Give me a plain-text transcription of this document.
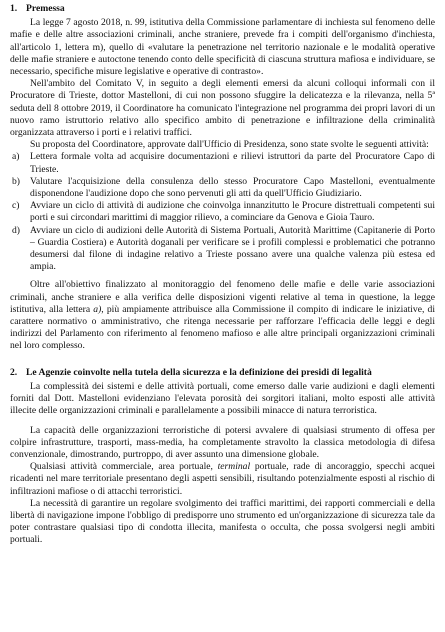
1. Premessa

La legge 7 agosto 2018, n. 99, istitutiva della Commissione parlamentare di inchiesta sul fenomeno delle mafie e delle altre associazioni criminali, anche straniere, prevede fra i compiti dell'organismo d'inchiesta, all'articolo 1, lettera m), quello di «valutare la penetrazione nel territorio nazionale e le modalità operative delle mafie straniere e autoctone tenendo conto delle specificità di ciascuna struttura mafiosa e individuare, se necessario, specifiche misure legislative e operative di contrasto».

Nell'ambito del Comitato V, in seguito a degli elementi emersi da alcuni colloqui informali con il Procuratore di Trieste, dottor Mastelloni, di cui non possono sfuggire la delicatezza e la rilevanza, nella 5ª seduta dell 8 ottobre 2019, il Coordinatore ha comunicato l'integrazione nel programma dei propri lavori di un nuovo ramo istruttorio relativo allo specifico ambito di penetrazione e infiltrazione della criminalità organizzata attraverso i porti e i relativi traffici.

Su proposta del Coordinatore, approvate dall'Ufficio di Presidenza, sono state svolte le seguenti attività:

a)	Lettera formale volta ad acquisire documentazioni e rilievi istruttori da parte del Procuratore Capo di Trieste.
b)	Valutare l'acquisizione della consulenza dello stesso Procuratore Capo Mastelloni, eventualmente disponendone l'audizione dopo che sono pervenuti gli atti da quell'Ufficio Giudiziario.
c)	Avviare un ciclo di attività di audizione che coinvolga innanzitutto le Procure distrettuali competenti sui porti e sui circondari marittimi di maggior rilievo, a cominciare da Genova e Gioia Tauro.
d)	Avviare un ciclo di audizioni delle Autorità di Sistema Portuali, Autorità Marittime (Capitanerie di Porto – Guardia Costiera) e Autorità doganali per verificare se i profili complessi e problematici che potranno desumersi dal filone di indagine relativo a Trieste possano avere una qualche valenza più estesa ed ampia.

Oltre all'obiettivo finalizzato al monitoraggio del fenomeno delle mafie e delle varie associazioni criminali, anche straniere e alla verifica delle disposizioni vigenti relative al tema in questione, la legge istitutiva, alla lettera a), più ampiamente attribuisce alla Commissione il compito di indicare le iniziative, di carattere normativo o amministrativo, che ritenga necessarie per rafforzare l'efficacia delle leggi e degli indirizzi del Parlamento con riferimento al fenomeno mafioso e alle altre principali organizzazioni criminali nel loro complesso.

2. Le Agenzie coinvolte nella tutela della sicurezza e la definizione dei presidi di legalità

La complessità dei sistemi e delle attività portuali, come emerso dalle varie audizioni e dagli elementi forniti dal Dott. Mastelloni evidenziano l'elevata porosità dei sorgitori italiani, molto esposti alle attività illecite delle organizzazioni criminali e parallelamente a possibili minacce di natura terroristica.

La capacità delle organizzazioni terroristiche di potersi avvalere di qualsiasi strumento di offesa per colpire infrastrutture, trasporti, mass-media, ha completamente stravolto la classica metodologia di difesa convenzionale, dimostrando, purtroppo, di aver assunto una dimensione globale.

Qualsiasi attività commerciale, area portuale, terminal portuale, rade di ancoraggio, specchi acquei ricadenti nel mare territoriale presentano degli aspetti sensibili, risultando potenzialmente esposti al rischio di infiltrazioni mafiose o di attacchi terroristici.

La necessità di garantire un regolare svolgimento dei traffici marittimi, dei rapporti commerciali e della libertà di navigazione impone l'obbligo di predisporre uno strumento ed un'organizzazione di sicurezza tale da poter contrastare qualsiasi tipo di condotta illecita, manifesta o occulta, che possa svolgersi negli ambiti portuali.
